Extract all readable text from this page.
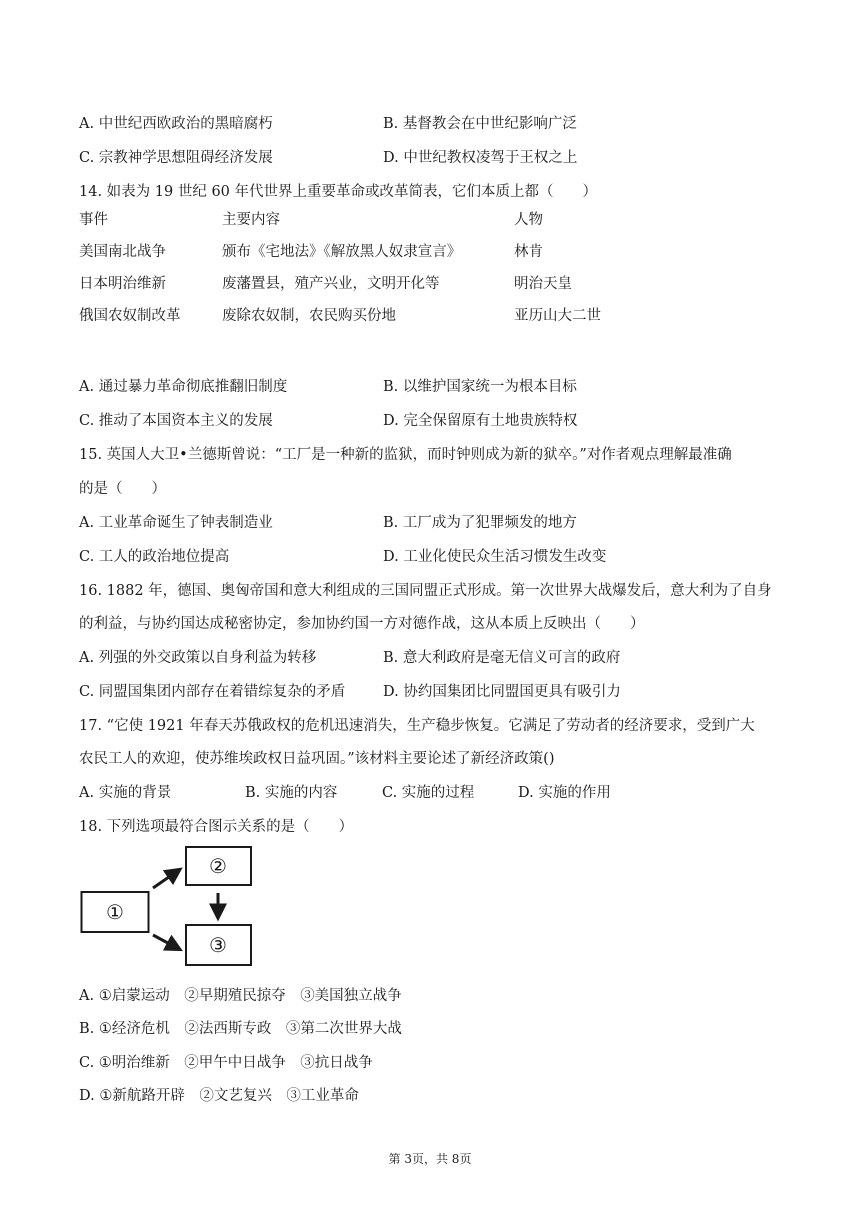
A. 中世纪西欧政治的黑暗腐朽	B. 基督教会在中世纪影响广泛
C. 宗教神学思想阻碍经济发展	D. 中世纪教权凌驾于王权之上
14. 如表为 19 世纪 60 年代世界上重要革命或改革简表，它们本质上都（　　）
事件	主要内容	人物
美国南北战争	颁布《宅地法》《解放黑人奴隶宣言》	林肯
日本明治维新	废藩置县，殖产兴业，文明开化等	明治天皇
俄国农奴制改革	废除农奴制，农民购买份地	亚历山大二世
A. 通过暴力革命彻底推翻旧制度	B. 以维护国家统一为根本目标
C. 推动了本国资本主义的发展	D. 完全保留原有土地贵族特权
15. 英国人大卫•兰德斯曾说：“工厂是一种新的监狱，而时钟则成为新的狱卒。”对作者观点理解最准确
的是（　　）
A. 工业革命诞生了钟表制造业	B. 工厂成为了犯罪频发的地方
C. 工人的政治地位提高	D. 工业化使民众生活习惯发生改变
16. 1882 年，德国、奥匈帝国和意大利组成的三国同盟正式形成。第一次世界大战爆发后，意大利为了自身
的利益，与协约国达成秘密协定，参加协约国一方对德作战，这从本质上反映出（　　）
A. 列强的外交政策以自身利益为转移	B. 意大利政府是毫无信义可言的政府
C. 同盟国集团内部存在着错综复杂的矛盾	D. 协约国集团比同盟国更具有吸引力
17. “它使 1921 年春天苏俄政权的危机迅速消失，生产稳步恢复。它满足了劳动者的经济要求，受到广大
农民工人的欢迎，使苏维埃政权日益巩固。”该材料主要论述了新经济政策()
A. 实施的背景	B. 实施的内容	C. 实施的过程	D. 实施的作用
18. 下列选项最符合图示关系的是（　　）
①
②
③
A. ①启蒙运动　②早期殖民掠夺　③美国独立战争
B. ①经济危机　②法西斯专政　③第二次世界大战
C. ①明治维新　②甲午中日战争　③抗日战争
D. ①新航路开辟　②文艺复兴　③工业革命
第 3页，共 8页
